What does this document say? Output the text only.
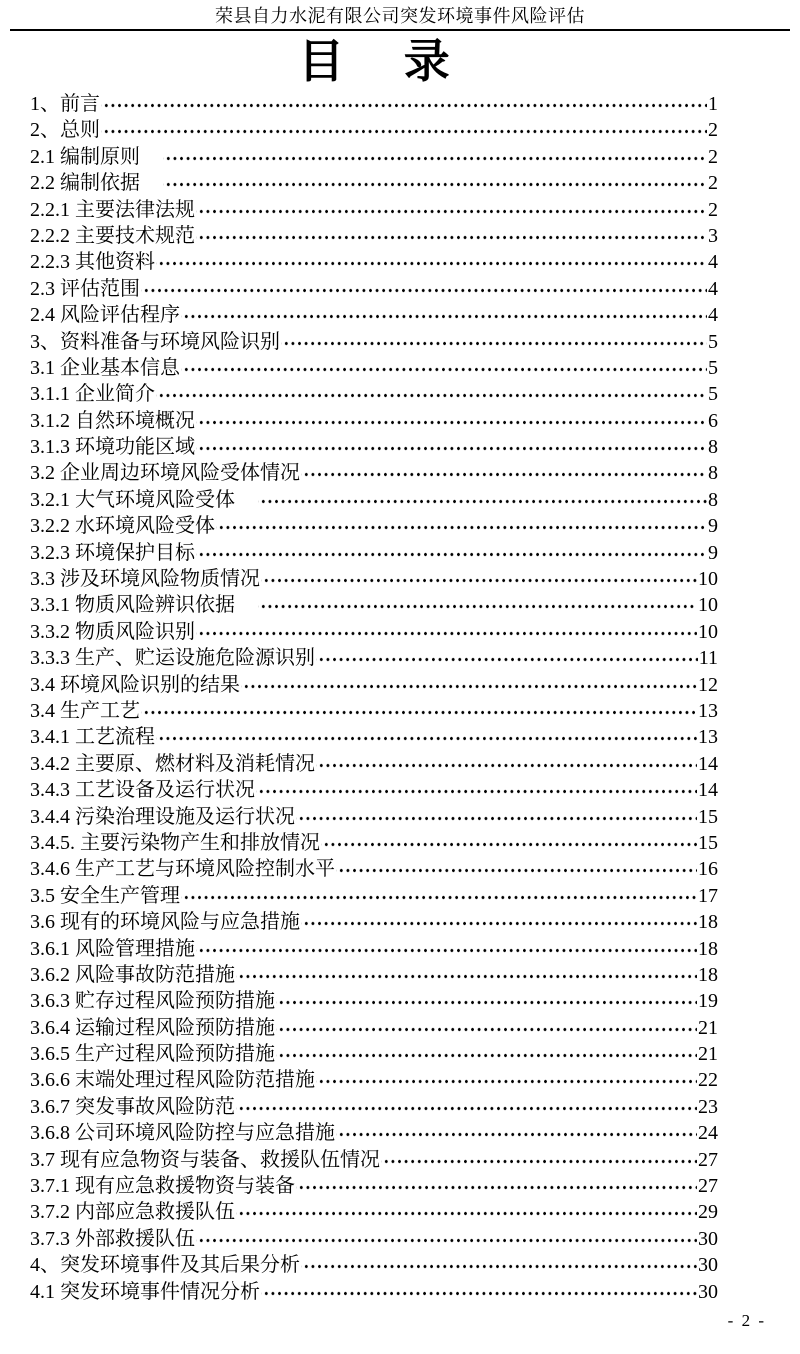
荣县自力水泥有限公司突发环境事件风险评估
目 录
1、前言	1
2、总则	2
2.1 编制原则	2
2.2 编制依据	2
2.2.1 主要法律法规	2
2.2.2 主要技术规范	3
2.2.3 其他资料	4
2.3 评估范围	4
2.4 风险评估程序	4
3、资料准备与环境风险识别	5
3.1 企业基本信息	5
3.1.1 企业简介	5
3.1.2 自然环境概况	6
3.1.3 环境功能区域	8
3.2 企业周边环境风险受体情况	8
3.2.1 大气环境风险受体	8
3.2.2 水环境风险受体	9
3.2.3 环境保护目标	9
3.3 涉及环境风险物质情况	10
3.3.1 物质风险辨识依据	10
3.3.2 物质风险识别	10
3.3.3 生产、贮运设施危险源识别	11
3.4 环境风险识别的结果	12
3.4 生产工艺	13
3.4.1 工艺流程	13
3.4.2 主要原、燃材料及消耗情况	14
3.4.3 工艺设备及运行状况	14
3.4.4 污染治理设施及运行状况	15
3.4.5. 主要污染物产生和排放情况	15
3.4.6 生产工艺与环境风险控制水平	16
3.5 安全生产管理	17
3.6 现有的环境风险与应急措施	18
3.6.1 风险管理措施	18
3.6.2 风险事故防范措施	18
3.6.3 贮存过程风险预防措施	19
3.6.4 运输过程风险预防措施	21
3.6.5 生产过程风险预防措施	21
3.6.6 末端处理过程风险防范措施	22
3.6.7 突发事故风险防范	23
3.6.8 公司环境风险防控与应急措施	24
3.7 现有应急物资与装备、救援队伍情况	27
3.7.1 现有应急救援物资与装备	27
3.7.2 内部应急救援队伍	29
3.7.3 外部救援队伍	30
4、突发环境事件及其后果分析	30
4.1 突发环境事件情况分析	30
- 2 -
